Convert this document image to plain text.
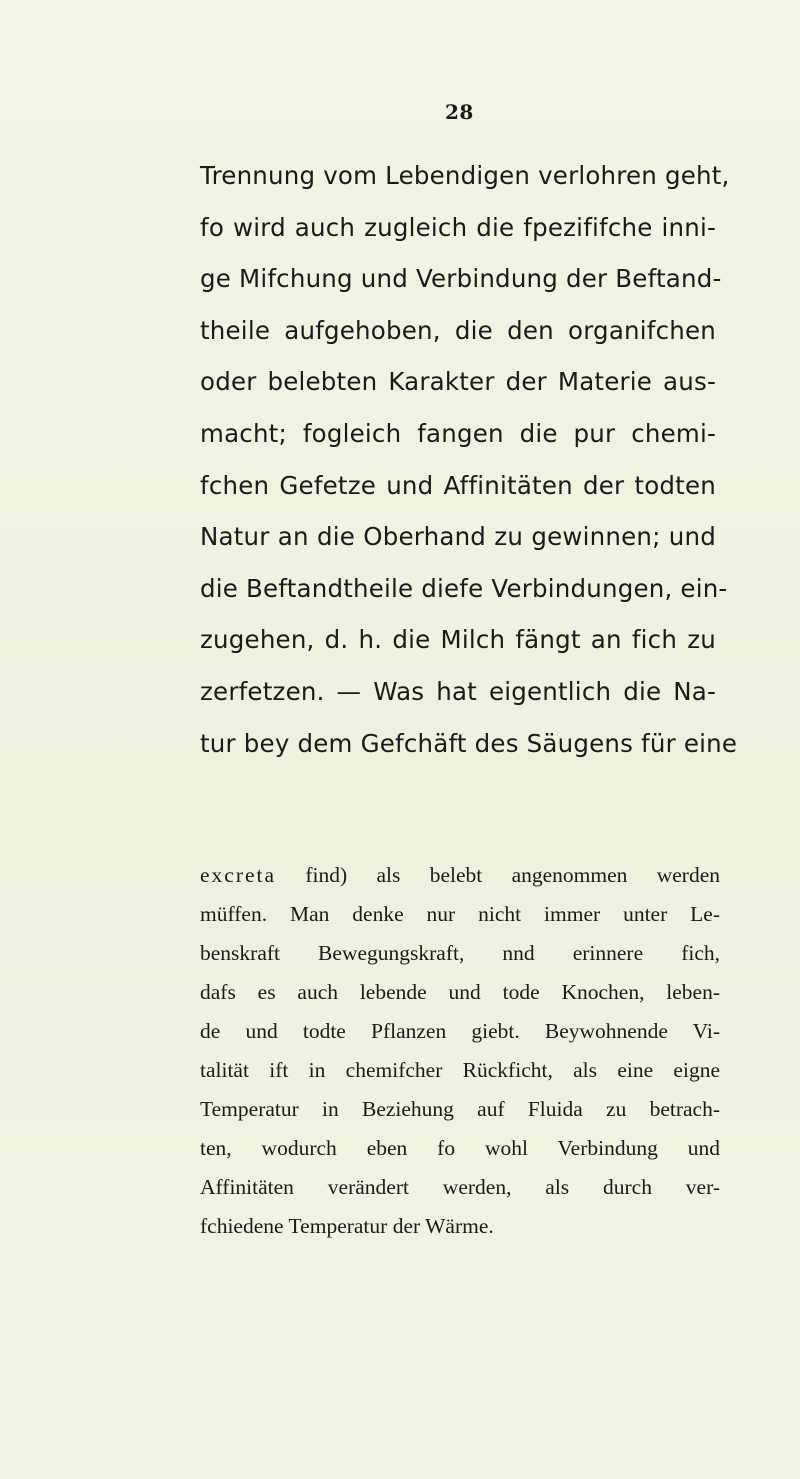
28
Trennung vom Lebendigen verlohren geht,
fo wird auch zugleich die fpezififche inni-
ge Mifchung und Verbindung der Beftand-
theile aufgehoben, die den organifchen
oder belebten Karakter der Materie aus-
macht; fogleich fangen die pur chemi-
fchen Gefetze und Affinitäten der todten
Natur an die Oberhand zu gewinnen; und
die Beftandtheile diefe Verbindungen, ein-
zugehen, d. h. die Milch fängt an fich zu
zerfetzen. — Was hat eigentlich die Na-
tur bey dem Gefchäft des Säugens für eine
excreta find) als belebt angenommen werden
müffen. Man denke nur nicht immer unter Le-
benskraft Bewegungskraft, nnd erinnere fich,
dafs es auch lebende und tode Knochen, leben-
de und todte Pflanzen giebt. Beywohnende Vi-
talität ift in chemifcher Rückficht, als eine eigne
Temperatur in Beziehung auf Fluida zu betrach-
ten, wodurch eben fo wohl Verbindung und
Affinitäten verändert werden, als durch ver-
fchiedene Temperatur der Wärme.
